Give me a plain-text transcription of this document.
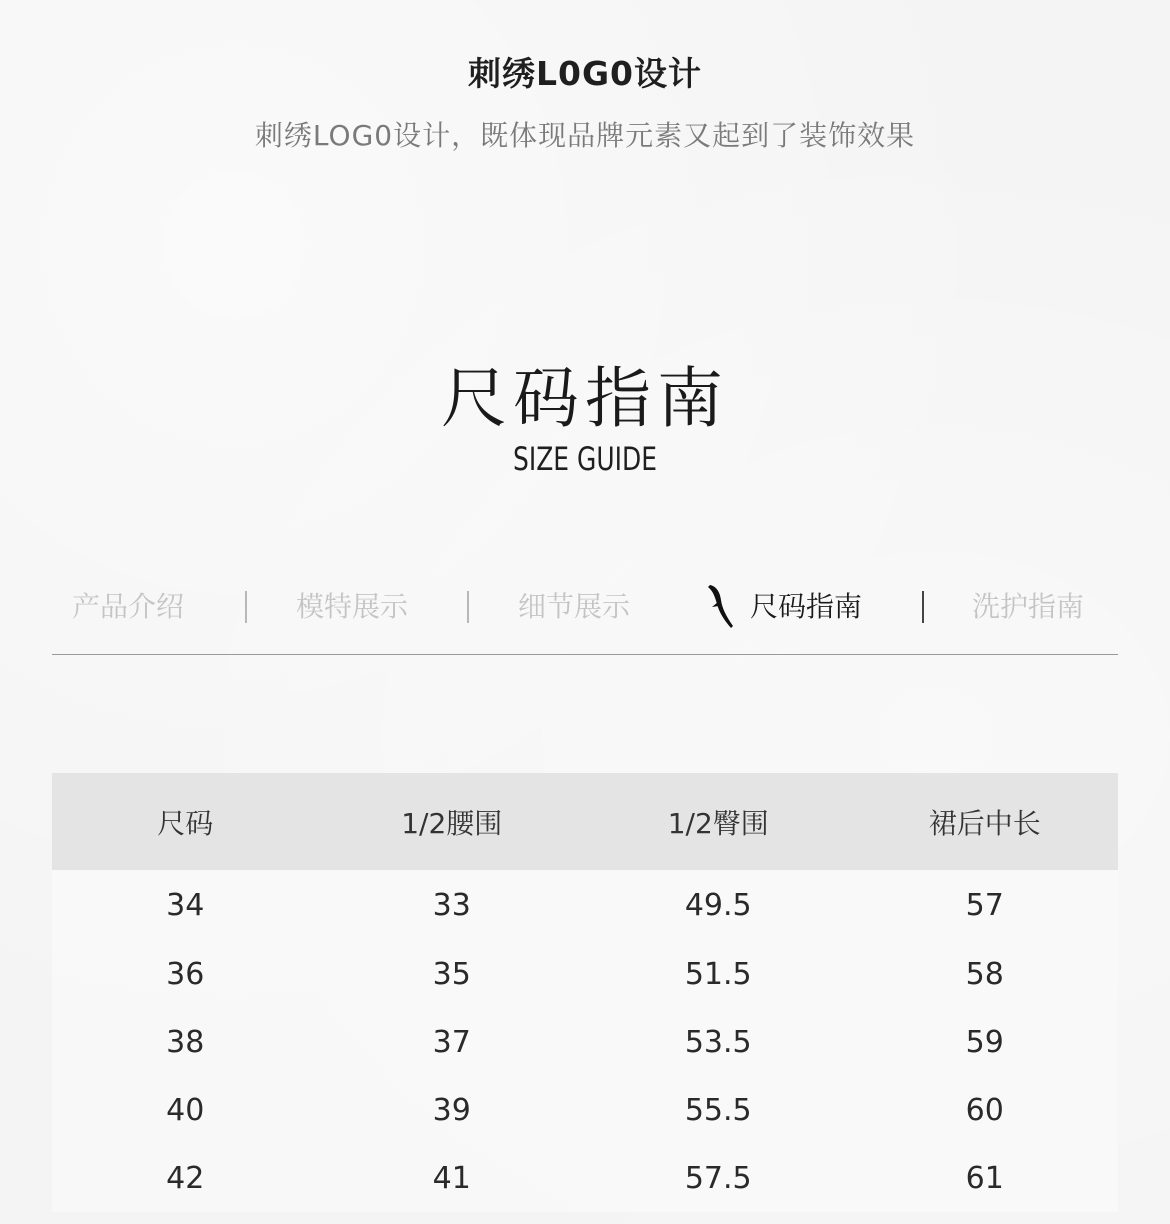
刺绣L0G0设计
刺绣LOG0设计，既体现品牌元素又起到了装饰效果
尺码指南
SIZE GUIDE
产品介绍	模特展示	细节展示	尺码指南	洗护指南
尺码	1/2腰围	1/2臀围	裙后中长
34	33	49.5	57
36	35	51.5	58
38	37	53.5	59
40	39	55.5	60
42	41	57.5	61
